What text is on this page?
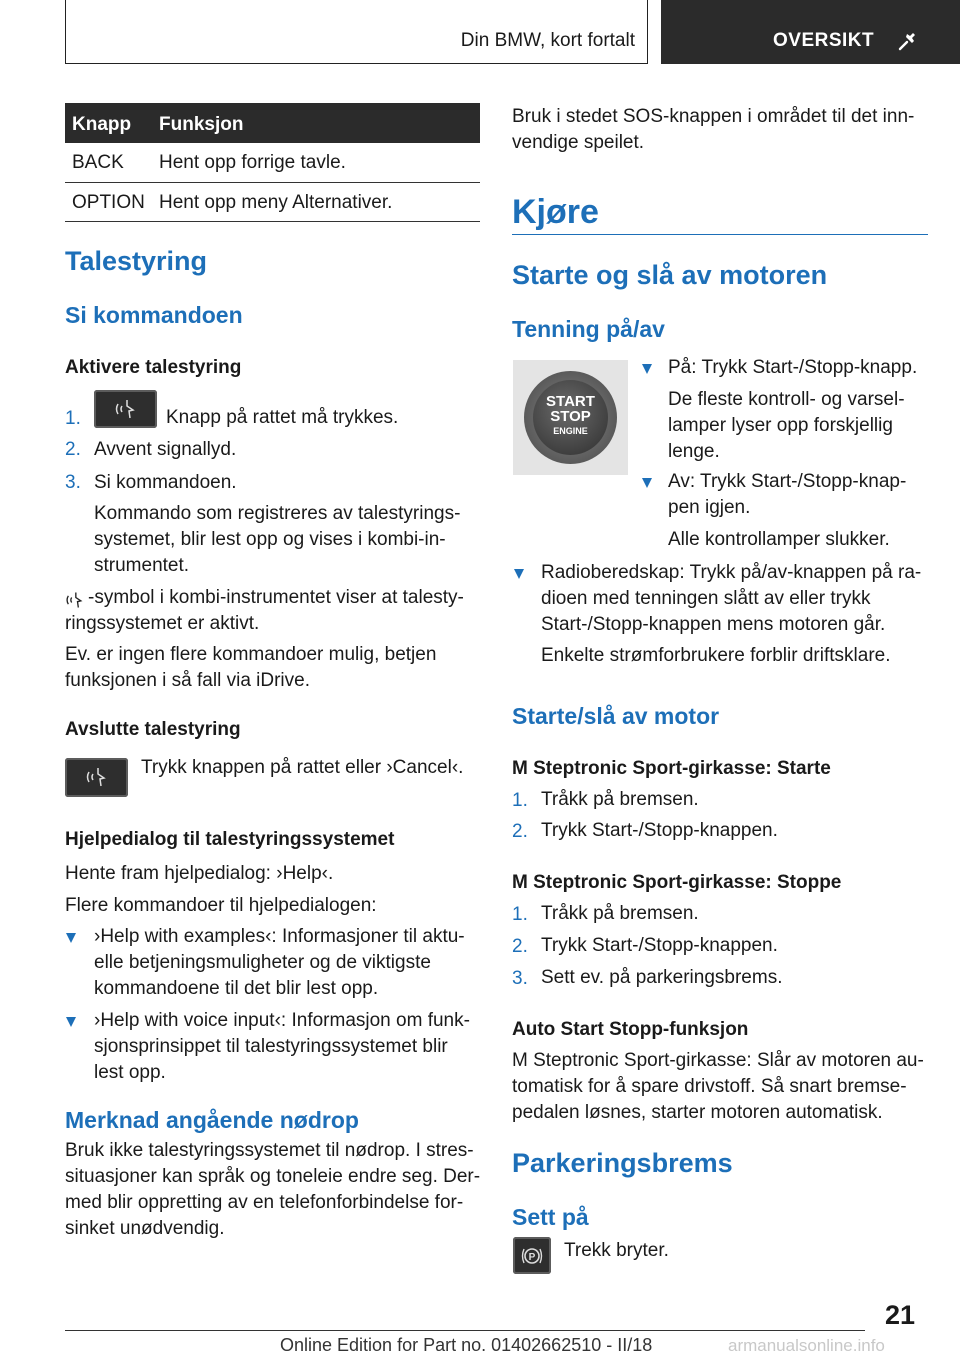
Din BMW, kort fortalt	OVERSIKT
Knapp Funksjon
BACK Hent opp forrige tavle.
OPTION Hent opp meny Alternativer.
Talestyring
Si kommandoen
Aktivere talestyring
1.	Knapp på rattet må trykkes.
2. Avvent signallyd.
3. Si kommandoen.
Kommando som registreres av talestyrings-
systemet, blir lest opp og vises i kombi-in-
strumentet.
-symbol i kombi-instrumentet viser at talesty-
ringssystemet er aktivt.
Ev. er ingen flere kommandoer mulig, betjen
funksjonen i så fall via iDrive.
Avslutte talestyring
Trykk knappen på rattet eller ›Cancel‹.
Hjelpedialog til talestyringssystemet
Hente fram hjelpedialog: ›Help‹.
Flere kommandoer til hjelpedialogen:
›Help with examples‹: Informasjoner til aktu-
elle betjeningsmuligheter og de viktigste
kommandoene til det blir lest opp.
›Help with voice input‹: Informasjon om funk-
sjonsprinsippet til talestyringssystemet blir
lest opp.
Merknad angående nødrop
Bruk ikke talestyringssystemet til nødrop. I stres-
situasjoner kan språk og toneleie endre seg. Der-
med blir oppretting av en telefonforbindelse for-
sinket unødvendig.
Bruk i stedet SOS-knappen i området til det inn-
vendige speilet.
Kjøre
Starte og slå av motoren
Tenning på/av
START
STOP
ENGINE
På: Trykk Start-/Stopp-knapp.
De fleste kontroll- og varsel-
lamper lyser opp forskjellig
lenge.
Av: Trykk Start-/Stopp-knap-
pen igjen.
Alle kontrollamper slukker.
Radioberedskap: Trykk på/av-knappen på ra-
dioen med tenningen slått av eller trykk
Start-/Stopp-knappen mens motoren går.
Enkelte strømforbrukere forblir driftsklare.
Starte/slå av motor
M Steptronic Sport-girkasse: Starte
1. Tråkk på bremsen.
2. Trykk Start-/Stopp-knappen.
M Steptronic Sport-girkasse: Stoppe
1. Tråkk på bremsen.
2. Trykk Start-/Stopp-knappen.
3. Sett ev. på parkeringsbrems.
Auto Start Stopp-funksjon
M Steptronic Sport-girkasse: Slår av motoren au-
tomatisk for å spare drivstoff. Så snart bremse-
pedalen løsnes, starter motoren automatisk.
Parkeringsbrems
Sett på
P Trekk bryter.
21
Online Edition for Part no. 01402662510 - II/18	armanualsonline.info
